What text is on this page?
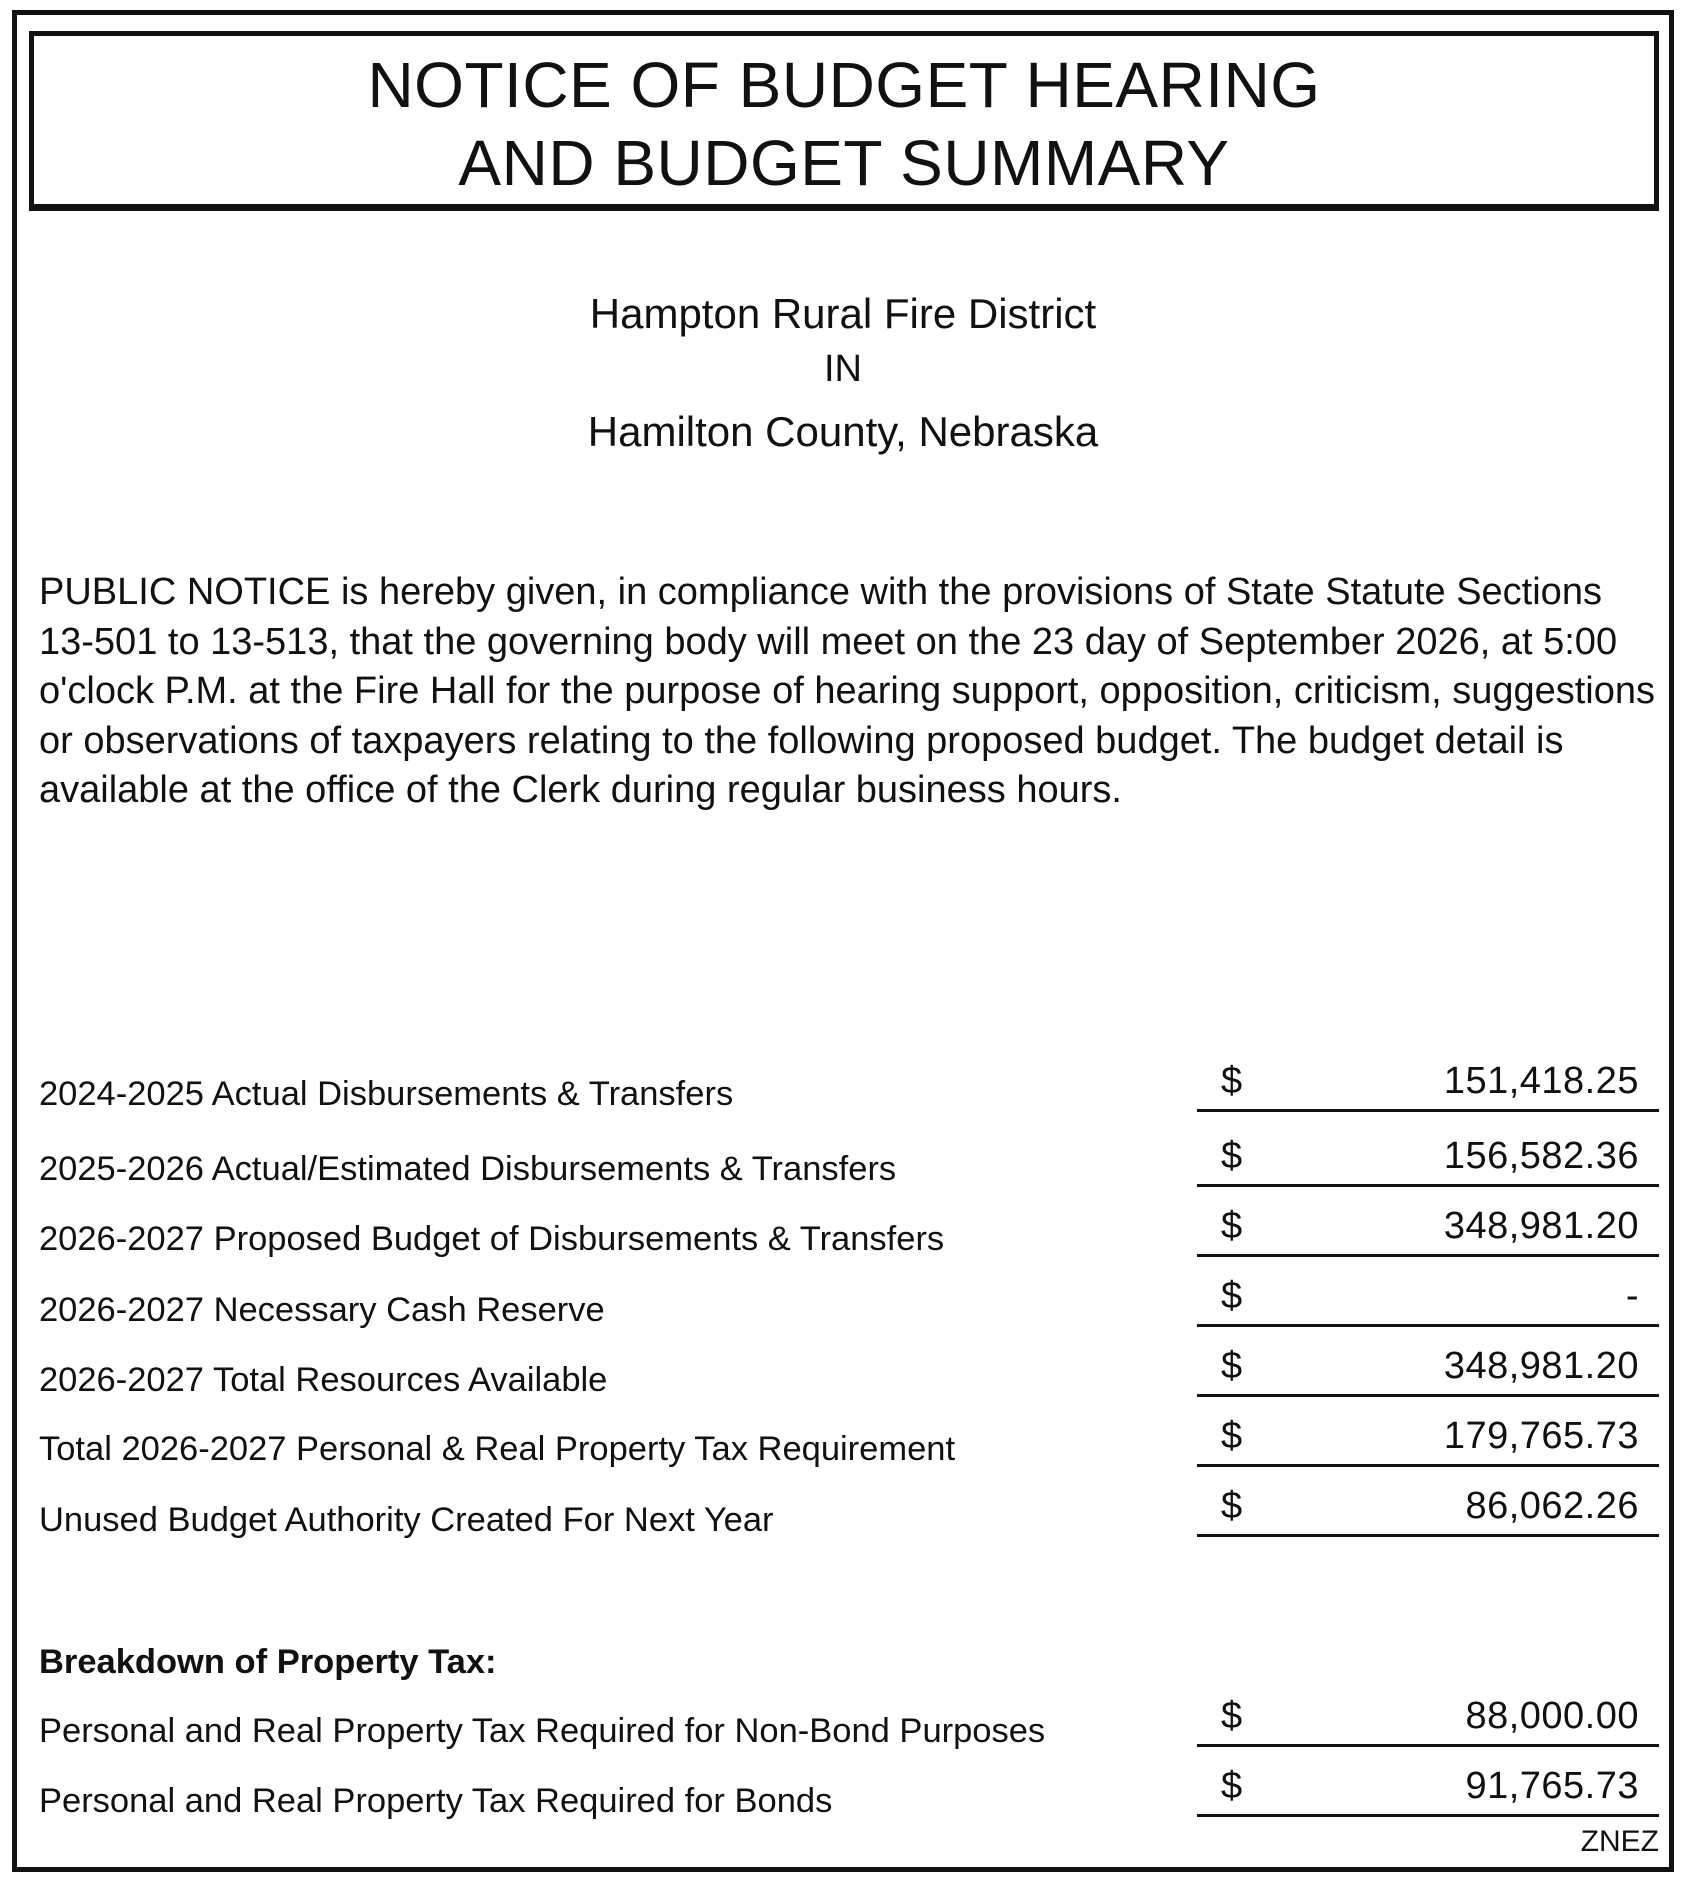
NOTICE OF BUDGET HEARING
AND BUDGET SUMMARY
Hampton Rural Fire District
IN
Hamilton County, Nebraska
PUBLIC NOTICE is hereby given, in compliance with the provisions of State Statute Sections 13-501 to 13-513, that the governing body will meet on the 23 day of September 2026, at 5:00 o'clock P.M. at the Fire Hall for the purpose of hearing support, opposition, criticism, suggestions or observations of taxpayers relating to the following proposed budget. The budget detail is available at the office of the Clerk during regular business hours.
2024-2025 Actual Disbursements & Transfers	$	151,418.25
2025-2026 Actual/Estimated Disbursements & Transfers	$	156,582.36
2026-2027 Proposed Budget of Disbursements & Transfers	$	348,981.20
2026-2027 Necessary Cash Reserve	$	-
2026-2027 Total Resources Available	$	348,981.20
Total 2026-2027 Personal & Real Property Tax Requirement	$	179,765.73
Unused Budget Authority Created For Next Year	$	86,062.26
Breakdown of Property Tax:
Personal and Real Property Tax Required for Non-Bond Purposes	$	88,000.00
Personal and Real Property Tax Required for Bonds	$	91,765.73
ZNEZ
